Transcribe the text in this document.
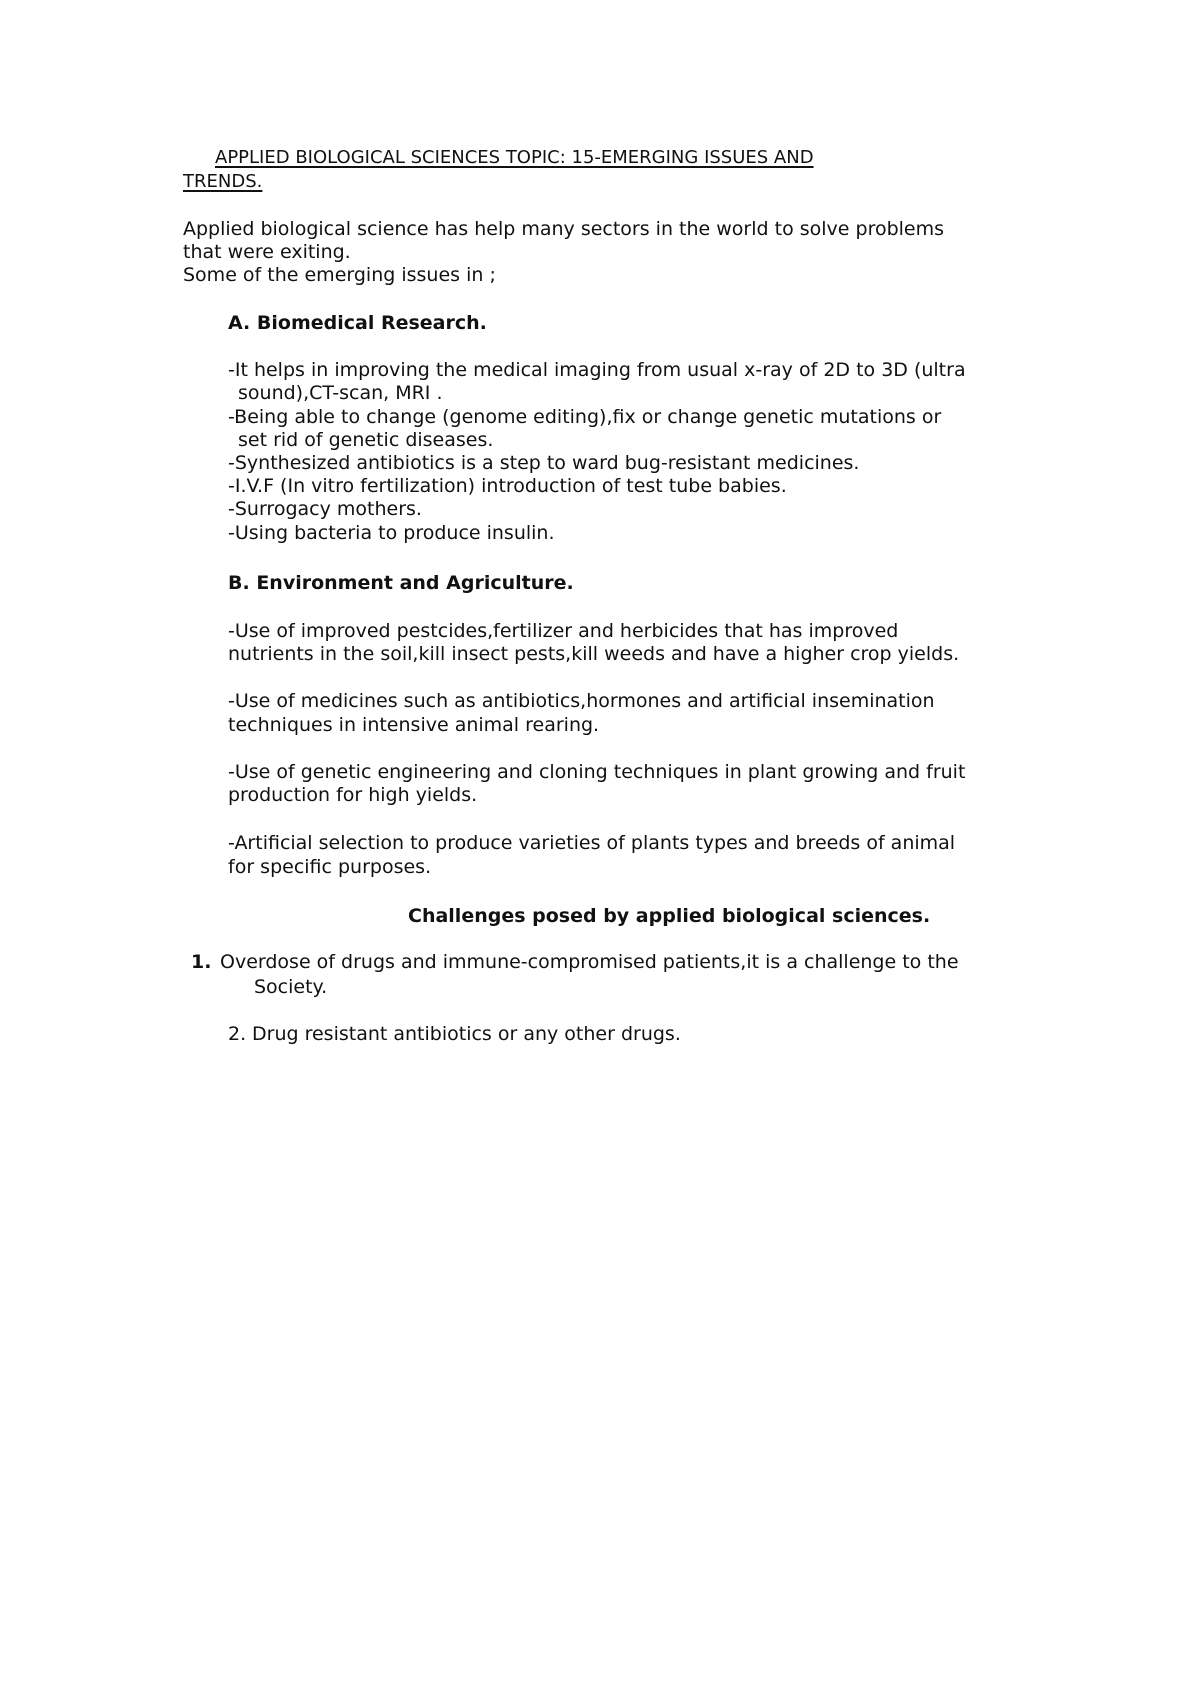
APPLIED BIOLOGICAL SCIENCES TOPIC: 15-EMERGING ISSUES AND
TRENDS.
Applied biological science has help many sectors in the world to solve problems
that were exiting.
Some of the emerging issues in ;
A. Biomedical Research.
-It helps in improving the medical imaging from usual x-ray of 2D to 3D (ultra
sound),CT-scan, MRI .
-Being able to change (genome editing),fix or change genetic mutations or
set rid of genetic diseases.
-Synthesized antibiotics is a step to ward bug-resistant medicines.
-I.V.F (In vitro fertilization) introduction of test tube babies.
-Surrogacy mothers.
-Using bacteria to produce insulin.
B. Environment and Agriculture.
-Use of improved pestcides,fertilizer and herbicides that has improved
nutrients in the soil,kill insect pests,kill weeds and have a higher crop yields.
-Use of medicines such as antibiotics,hormones and artificial insemination
techniques in intensive animal rearing.
-Use of genetic engineering and cloning techniques in plant growing and fruit
production for high yields.
-Artificial selection to produce varieties of plants types and breeds of animal
for specific purposes.
Challenges posed by applied biological sciences.
1. Overdose of drugs and immune-compromised patients,it is a challenge to the
Society.
2. Drug resistant antibiotics or any other drugs.
